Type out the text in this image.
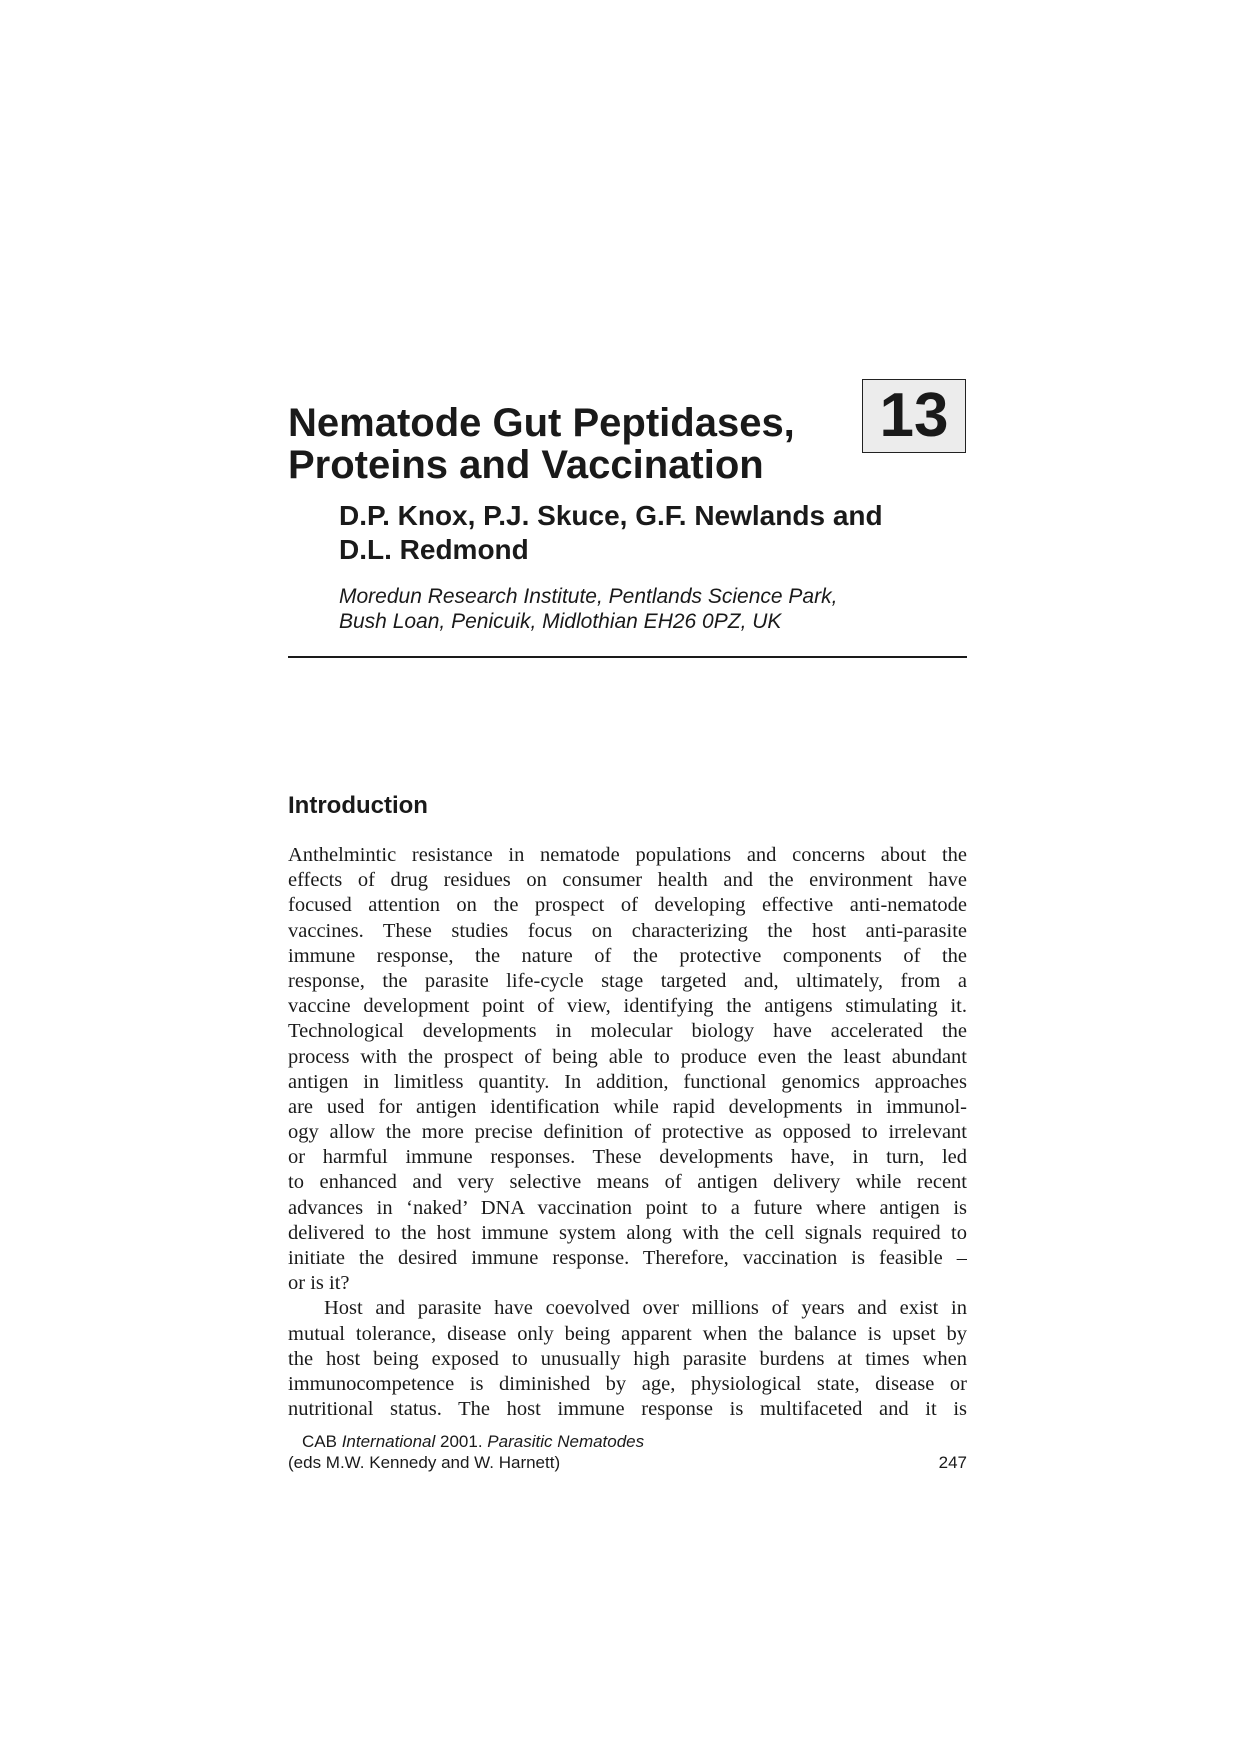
13
Nematode Gut Peptidases,
Proteins and Vaccination
D.P. Knox, P.J. Skuce, G.F. Newlands and
D.L. Redmond
Moredun Research Institute, Pentlands Science Park,
Bush Loan, Penicuik, Midlothian EH26 0PZ, UK
Introduction
Anthelmintic resistance in nematode populations and concerns about the
effects of drug residues on consumer health and the environment have
focused attention on the prospect of developing effective anti-nematode
vaccines. These studies focus on characterizing the host anti-parasite
immune response, the nature of the protective components of the
response, the parasite life-cycle stage targeted and, ultimately, from a
vaccine development point of view, identifying the antigens stimulating it.
Technological developments in molecular biology have accelerated the
process with the prospect of being able to produce even the least abundant
antigen in limitless quantity. In addition, functional genomics approaches
are used for antigen identification while rapid developments in immunol-
ogy allow the more precise definition of protective as opposed to irrelevant
or harmful immune responses. These developments have, in turn, led
to enhanced and very selective means of antigen delivery while recent
advances in ‘naked’ DNA vaccination point to a future where antigen is
delivered to the host immune system along with the cell signals required to
initiate the desired immune response. Therefore, vaccination is feasible –
or is it?
Host and parasite have coevolved over millions of years and exist in
mutual tolerance, disease only being apparent when the balance is upset by
the host being exposed to unusually high parasite burdens at times when
immunocompetence is diminished by age, physiological state, disease or
nutritional status. The host immune response is multifaceted and it is
CAB International 2001. Parasitic Nematodes
(eds M.W. Kennedy and W. Harnett)	247
